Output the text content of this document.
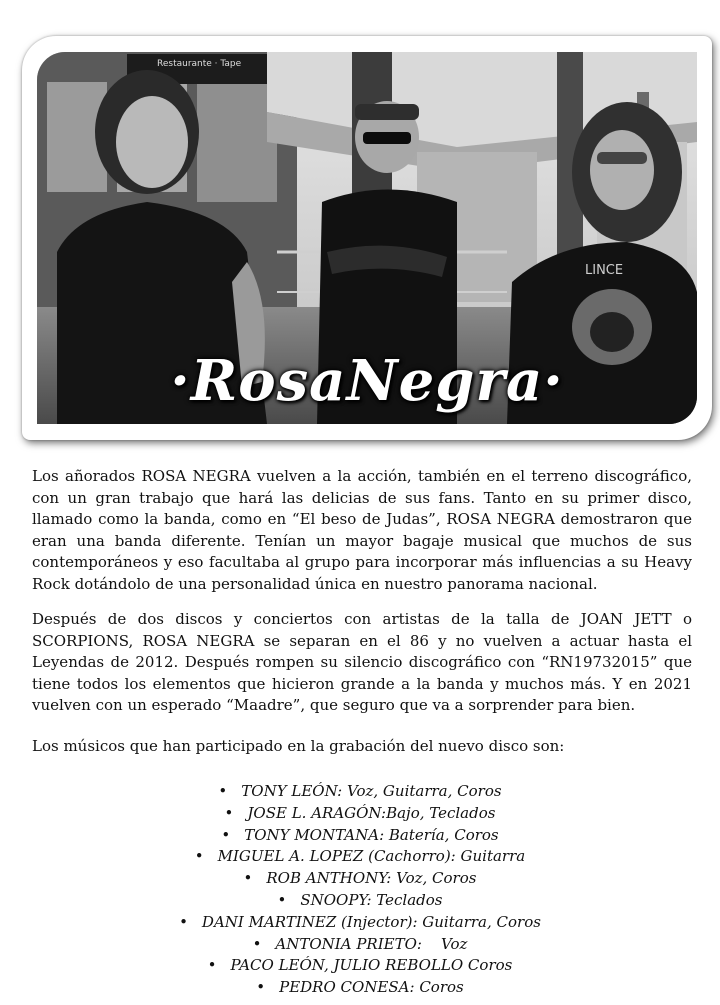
Restaurante · Tape
LINCE
·RosaNegra·

Los añorados ROSA NEGRA vuelven a la acción, también en el terreno discográfico, con un gran trabajo que hará las delicias de sus fans. Tanto en su primer disco, llamado como la banda, como en “El beso de Judas”, ROSA NEGRA demostraron que eran una banda diferente. Tenían un mayor bagaje musical que muchos de sus contemporáneos y eso facultaba al grupo para incorporar más influencias a su Heavy Rock dotándolo de una personalidad única en nuestro panorama nacional.

Después de dos discos y conciertos con artistas de la talla de JOAN JETT o SCORPIONS, ROSA NEGRA se separan en el 86 y no vuelven a actuar hasta el Leyendas de 2012. Después rompen su silencio discográfico con “RN19732015” que tiene todos los elementos que hicieron grande a la banda y muchos más. Y en 2021 vuelven con un esperado “Maadre”, que seguro que va a sorprender para bien.

Los músicos que han participado en la grabación del nuevo disco son:

• TONY LEÓN: Voz, Guitarra, Coros
• JOSE L. ARAGÓN:Bajo, Teclados
• TONY MONTANA: Batería, Coros
• MIGUEL A. LOPEZ (Cachorro): Guitarra
• ROB ANTHONY: Voz, Coros
• SNOOPY: Teclados
• DANI MARTINEZ (Injector): Guitarra, Coros
• ANTONIA PRIETO:    Voz
• PACO LEÓN, JULIO REBOLLO Coros
• PEDRO CONESA: Coros
